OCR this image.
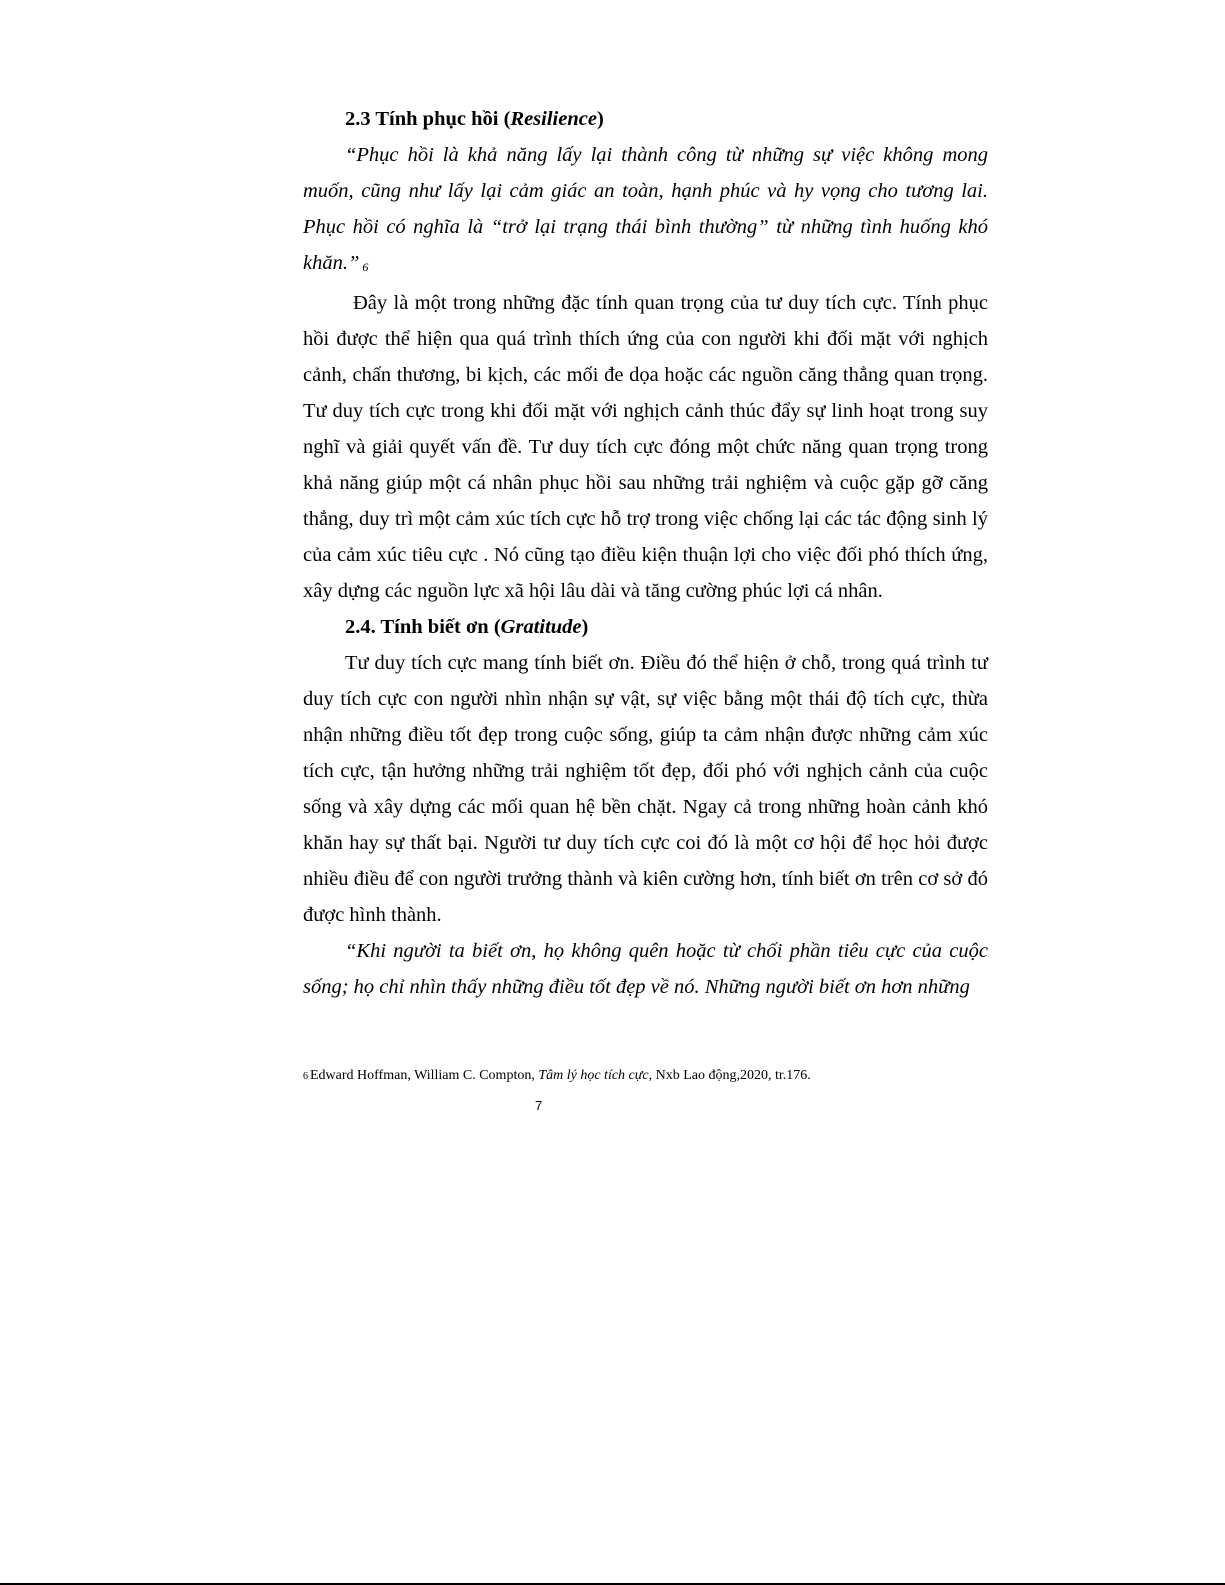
2.3 Tính phục hồi (Resilience)

“Phục hồi là khả năng lấy lại thành công từ những sự việc không mong muốn, cũng như lấy lại cảm giác an toàn, hạnh phúc và hy vọng cho tương lai. Phục hồi có nghĩa là “trở lại trạng thái bình thường” từ những tình huống khó khăn.” 6

Đây là một trong những đặc tính quan trọng của tư duy tích cực. Tính phục hồi được thể hiện qua quá trình thích ứng của con người khi đối mặt với nghịch cảnh, chấn thương, bi kịch, các mối đe dọa hoặc các nguồn căng thẳng quan trọng. Tư duy tích cực trong khi đối mặt với nghịch cảnh thúc đẩy sự linh hoạt trong suy nghĩ và giải quyết vấn đề. Tư duy tích cực đóng một chức năng quan trọng trong khả năng giúp một cá nhân phục hồi sau những trải nghiệm và cuộc gặp gỡ căng thẳng, duy trì một cảm xúc tích cực hỗ trợ trong việc chống lại các tác động sinh lý của cảm xúc tiêu cực . Nó cũng tạo điều kiện thuận lợi cho việc đối phó thích ứng, xây dựng các nguồn lực xã hội lâu dài và tăng cường phúc lợi cá nhân.

2.4. Tính biết ơn (Gratitude)

Tư duy tích cực mang tính biết ơn. Điều đó thể hiện ở chỗ, trong quá trình tư duy tích cực con người nhìn nhận sự vật, sự việc bằng một thái độ tích cực, thừa nhận những điều tốt đẹp trong cuộc sống, giúp ta cảm nhận được những cảm xúc tích cực, tận hưởng những trải nghiệm tốt đẹp, đối phó với nghịch cảnh của cuộc sống và xây dựng các mối quan hệ bền chặt. Ngay cả trong những hoàn cảnh khó khăn hay sự thất bại. Người tư duy tích cực coi đó là một cơ hội để học hỏi được nhiều điều để con người trưởng thành và kiên cường hơn, tính biết ơn trên cơ sở đó được hình thành.

“Khi người ta biết ơn, họ không quên hoặc từ chối phần tiêu cực của cuộc sống; họ chỉ nhìn thấy những điều tốt đẹp về nó. Những người biết ơn hơn những

6 Edward Hoffman, William C. Compton, Tâm lý học tích cực, Nxb Lao động,2020, tr.176.
7
